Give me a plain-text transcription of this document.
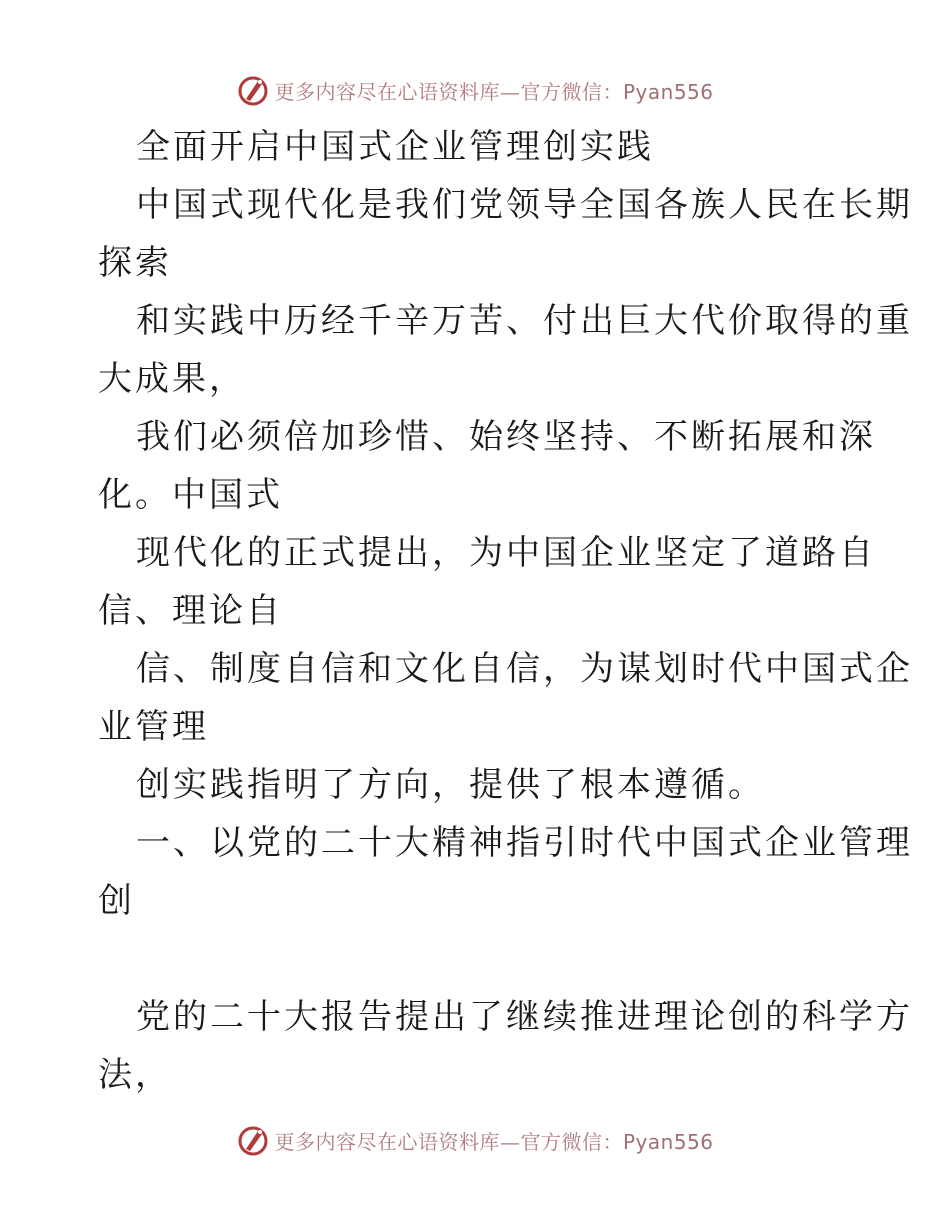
更多内容尽在心语资料库—官方微信：Pyan556
全面开启中国式企业管理创实践
中国式现代化是我们党领导全国各族人民在长期
探索
和实践中历经千辛万苦、付出巨大代价取得的重
大成果，
我们必须倍加珍惜、始终坚持、不断拓展和深
化。中国式
现代化的正式提出，为中国企业坚定了道路自
信、理论自
信、制度自信和文化自信，为谋划时代中国式企
业管理
创实践指明了方向，提供了根本遵循。
一、以党的二十大精神指引时代中国式企业管理
创
党的二十大报告提出了继续推进理论创的科学方
法，
更多内容尽在心语资料库—官方微信：Pyan556
